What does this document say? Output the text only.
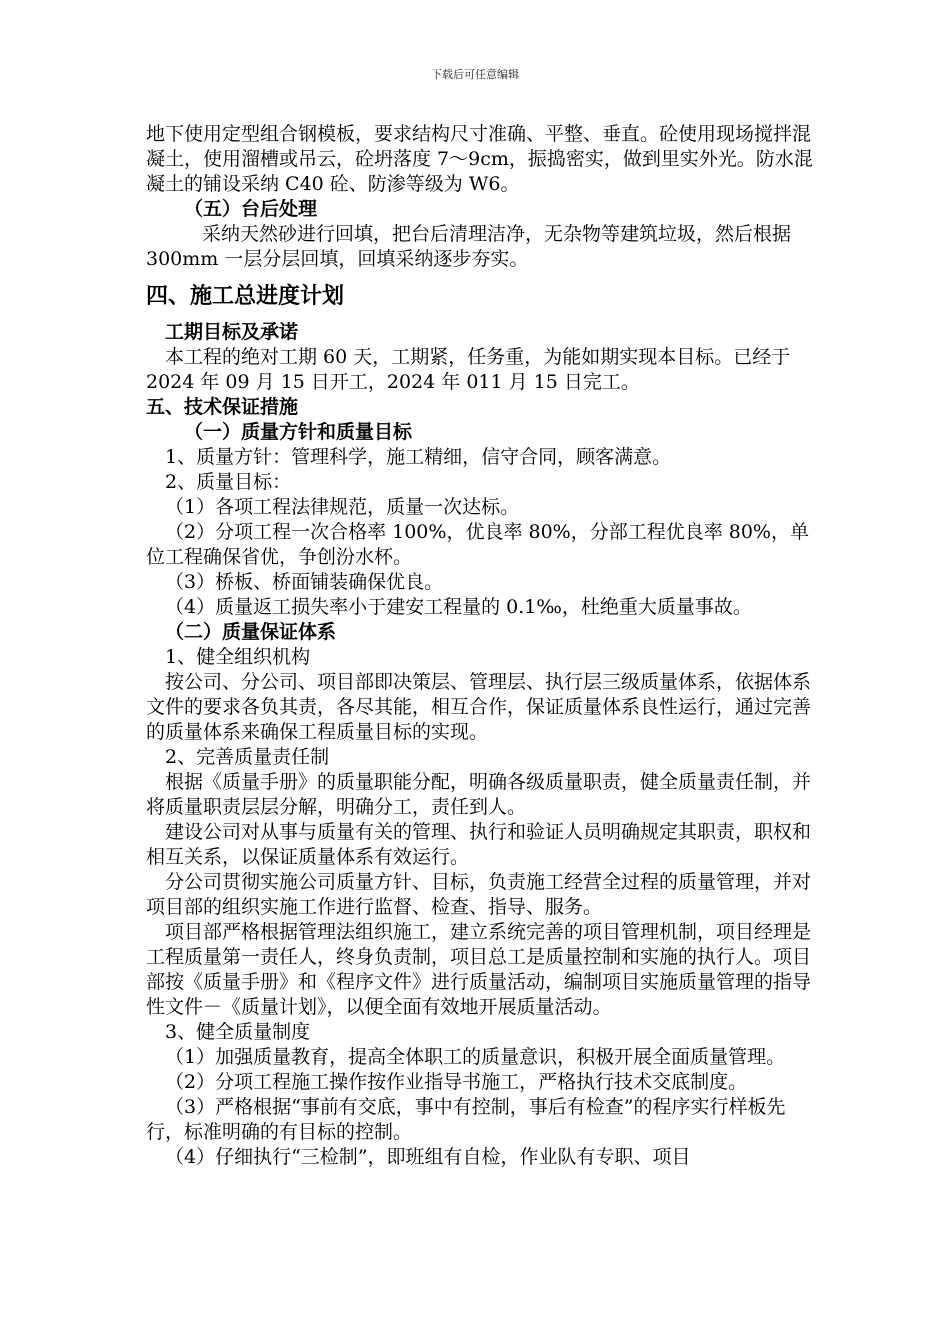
下载后可任意编辑

地下使用定型组合钢模板，要求结构尺寸准确、平整、垂直。砼使用现场搅拌混凝土，使用溜槽或吊云，砼坍落度 7～9cm，振捣密实，做到里实外光。防水混凝土的铺设采纳 C40 砼、防渗等级为 W6。

（五）台后处理

采纳天然砂进行回填，把台后清理洁净，无杂物等建筑垃圾，然后根据 300mm 一层分层回填，回填采纳逐步夯实。

四、施工总进度计划

工期目标及承诺

本工程的绝对工期 60 天，工期紧，任务重，为能如期实现本目标。已经于 2024 年 09 月 15 日开工，2024 年 011 月 15 日完工。

五、技术保证措施

（一）质量方针和质量目标

1、质量方针：管理科学，施工精细，信守合同，顾客满意。

2、质量目标：

（1）各项工程法律规范，质量一次达标。

（2）分项工程一次合格率 100%，优良率 80%，分部工程优良率 80%，单位工程确保省优，争创汾水杯。

（3）桥板、桥面铺装确保优良。

（4）质量返工损失率小于建安工程量的 0.1‰，杜绝重大质量事故。

（二）质量保证体系

1、健全组织机构

按公司、分公司、项目部即决策层、管理层、执行层三级质量体系，依据体系文件的要求各负其责，各尽其能，相互合作，保证质量体系良性运行，通过完善的质量体系来确保工程质量目标的实现。

2、完善质量责任制

根据《质量手册》的质量职能分配，明确各级质量职责，健全质量责任制，并将质量职责层层分解，明确分工，责任到人。

建设公司对从事与质量有关的管理、执行和验证人员明确规定其职责，职权和相互关系，以保证质量体系有效运行。

分公司贯彻实施公司质量方针、目标，负责施工经营全过程的质量管理，并对项目部的组织实施工作进行监督、检查、指导、服务。

项目部严格根据管理法组织施工，建立系统完善的项目管理机制，项目经理是工程质量第一责任人，终身负责制，项目总工是质量控制和实施的执行人。项目部按《质量手册》和《程序文件》进行质量活动，编制项目实施质量管理的指导性文件－《质量计划》，以便全面有效地开展质量活动。

3、健全质量制度

（1）加强质量教育，提高全体职工的质量意识，积极开展全面质量管理。

（2）分项工程施工操作按作业指导书施工，严格执行技术交底制度。

（3）严格根据“事前有交底，事中有控制，事后有检查”的程序实行样板先行，标准明确的有目标的控制。

（4）仔细执行“三检制”，即班组有自检，作业队有专职、项目
